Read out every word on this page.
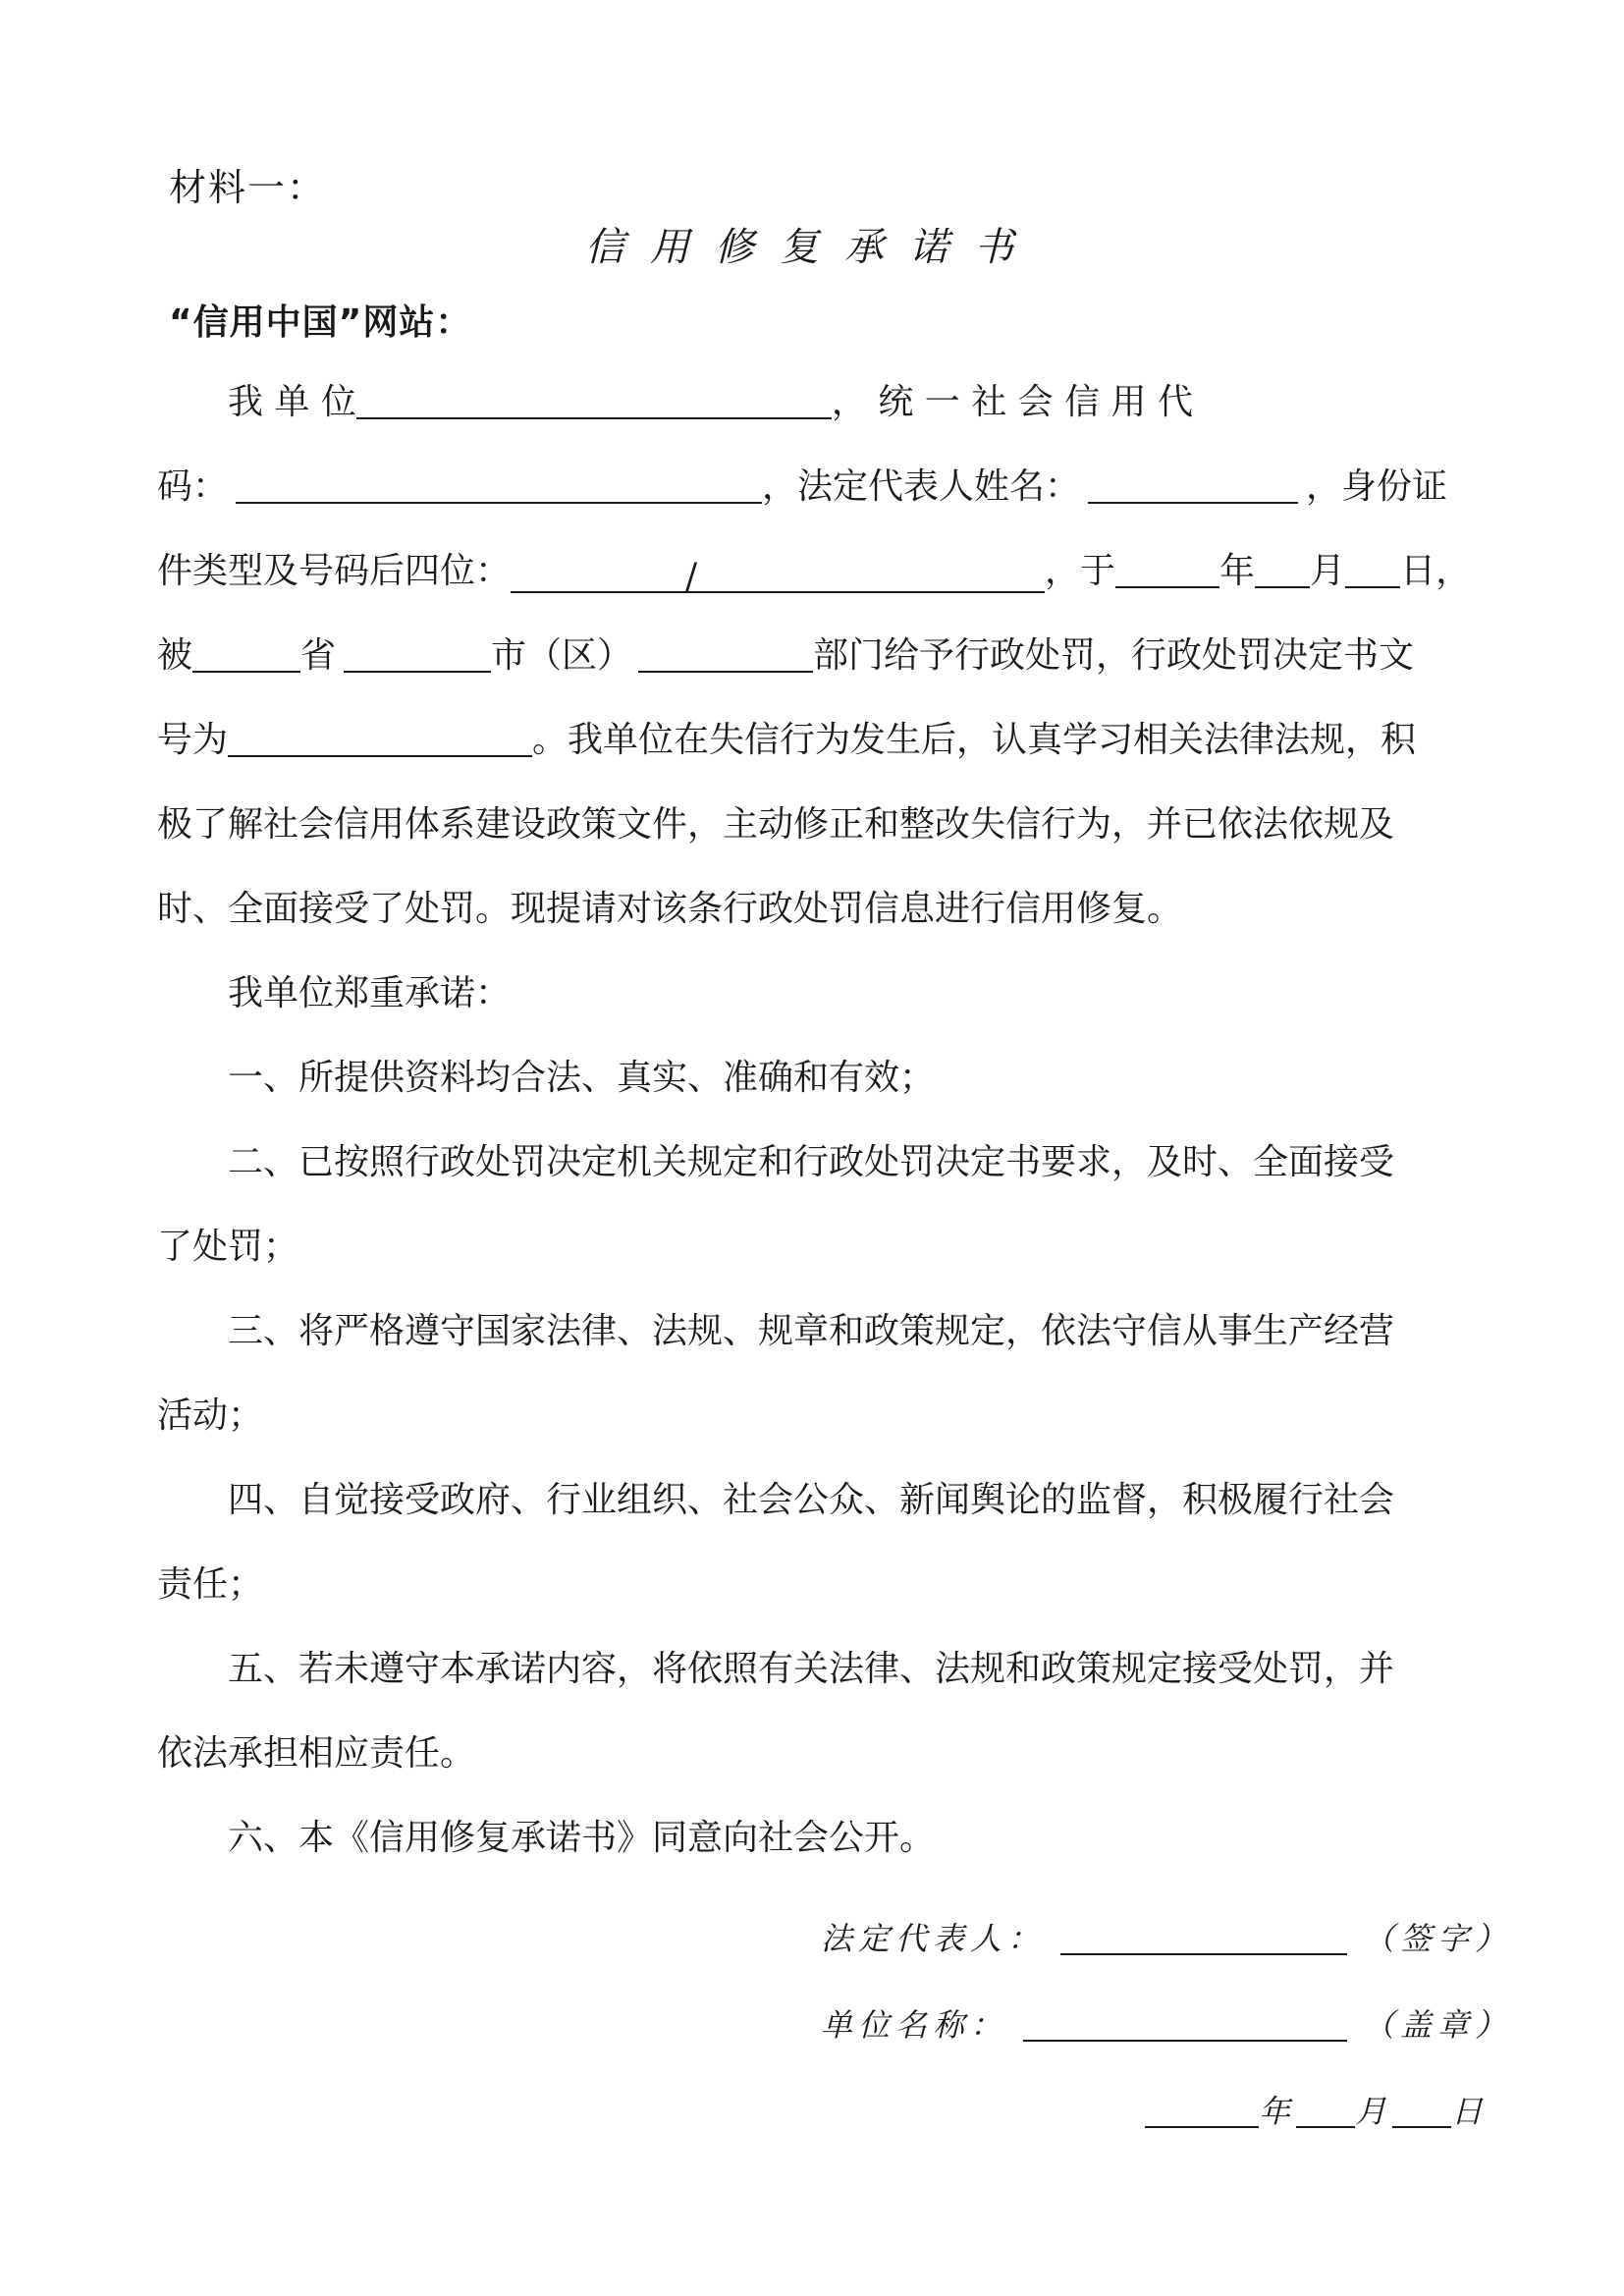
材料一：
信用修复承诺书
“信用中国”网站：
我 单 位	， 统 一 社 会 信 用 代
码：	，法定代表人姓名：	，身份证
件类型及号码后四位：	/	，于	年 月 日，
被	省	市（区）	部门给予行政处罚，行政处罚决定书文
号为	。我单位在失信行为发生后，认真学习相关法律法规，积
极了解社会信用体系建设政策文件，主动修正和整改失信行为，并已依法依规及
时、全面接受了处罚。现提请对该条行政处罚信息进行信用修复。
我单位郑重承诺：
一、所提供资料均合法、真实、准确和有效；
二、已按照行政处罚决定机关规定和行政处罚决定书要求，及时、全面接受
了处罚；
三、将严格遵守国家法律、法规、规章和政策规定，依法守信从事生产经营
活动；
四、自觉接受政府、行业组织、社会公众、新闻舆论的监督，积极履行社会
责任；
五、若未遵守本承诺内容，将依照有关法律、法规和政策规定接受处罚，并
依法承担相应责任。
六、本《信用修复承诺书》同意向社会公开。
法定代表人：	（签字）
单位名称：	（盖章）
年 月 日
